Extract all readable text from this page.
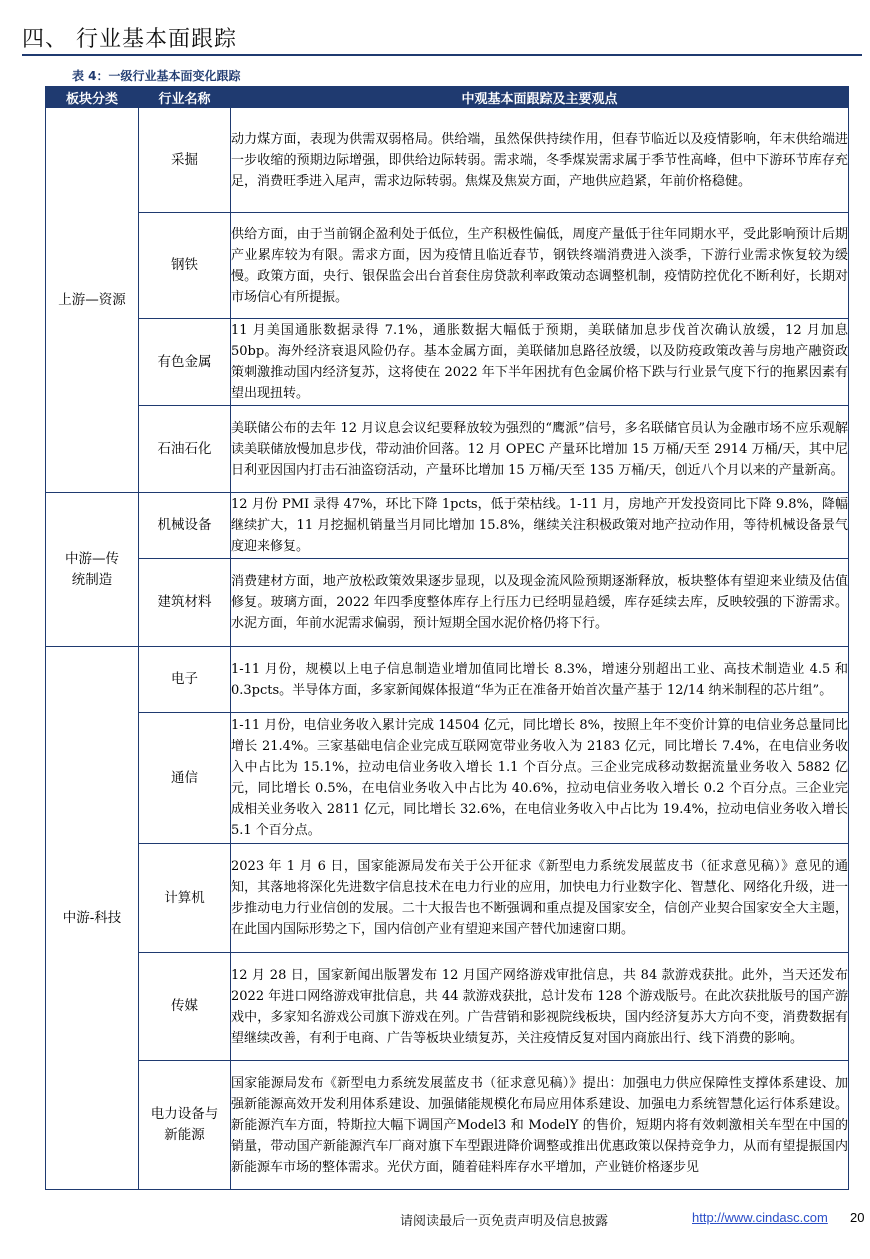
四、 行业基本面跟踪
表 4：一级行业基本面变化跟踪
板块分类	行业名称	中观基本面跟踪及主要观点
上游—资源	采掘	动力煤方面，表现为供需双弱格局。供给端，虽然保供持续作用，但春节临近以及疫情影响，年末供给端进一步收缩的预期边际增强，即供给边际转弱。需求端，冬季煤炭需求属于季节性高峰，但中下游环节库存充足，消费旺季进入尾声，需求边际转弱。焦煤及焦炭方面，产地供应趋紧，年前价格稳健。
	钢铁	供给方面，由于当前钢企盈利处于低位，生产积极性偏低，周度产量低于往年同期水平，受此影响预计后期产业累库较为有限。需求方面，因为疫情且临近春节，钢铁终端消费进入淡季，下游行业需求恢复较为缓慢。政策方面，央行、银保监会出台首套住房贷款利率政策动态调整机制，疫情防控优化不断利好，长期对市场信心有所提振。
	有色金属	11 月美国通胀数据录得 7.1%，通胀数据大幅低于预期，美联储加息步伐首次确认放缓，12 月加息 50bp。海外经济衰退风险仍存。基本金属方面，美联储加息路径放缓，以及防疫政策改善与房地产融资政策刺激推动国内经济复苏，这将使在 2022 年下半年困扰有色金属价格下跌与行业景气度下行的拖累因素有望出现扭转。
	石油石化	美联储公布的去年 12 月议息会议纪要释放较为强烈的“鹰派”信号，多名联储官员认为金融市场不应乐观解读美联储放慢加息步伐，带动油价回落。12 月 OPEC 产量环比增加 15 万桶/天至 2914 万桶/天，其中尼日利亚因国内打击石油盗窃活动，产量环比增加 15 万桶/天至 135 万桶/天，创近八个月以来的产量新高。
中游—传统制造	机械设备	12 月份 PMI 录得 47%，环比下降 1pcts，低于荣枯线。1-11 月，房地产开发投资同比下降 9.8%，降幅继续扩大，11 月挖掘机销量当月同比增加 15.8%，继续关注积极政策对地产拉动作用，等待机械设备景气度迎来修复。
	建筑材料	消费建材方面，地产放松政策效果逐步显现，以及现金流风险预期逐渐释放，板块整体有望迎来业绩及估值修复。玻璃方面，2022 年四季度整体库存上行压力已经明显趋缓，库存延续去库，反映较强的下游需求。水泥方面，年前水泥需求偏弱，预计短期全国水泥价格仍将下行。
中游-科技	电子	1-11 月份，规模以上电子信息制造业增加值同比增长 8.3%，增速分别超出工业、高技术制造业 4.5 和 0.3pcts。半导体方面，多家新闻媒体报道“华为正在准备开始首次量产基于 12/14 纳米制程的芯片组”。
	通信	1-11 月份，电信业务收入累计完成 14504 亿元，同比增长 8%，按照上年不变价计算的电信业务总量同比增长 21.4%。三家基础电信企业完成互联网宽带业务收入为 2183 亿元，同比增长 7.4%，在电信业务收入中占比为 15.1%，拉动电信业务收入增长 1.1 个百分点。三企业完成移动数据流量业务收入 5882 亿元，同比增长 0.5%，在电信业务收入中占比为 40.6%，拉动电信业务收入增长 0.2 个百分点。三企业完成相关业务收入 2811 亿元，同比增长 32.6%，在电信业务收入中占比为 19.4%，拉动电信业务收入增长 5.1 个百分点。
	计算机	2023 年 1 月 6 日，国家能源局发布关于公开征求《新型电力系统发展蓝皮书（征求意见稿）》意见的通知，其落地将深化先进数字信息技术在电力行业的应用，加快电力行业数字化、智慧化、网络化升级，进一步推动电力行业信创的发展。二十大报告也不断强调和重点提及国家安全，信创产业契合国家安全大主题，在此国内国际形势之下，国内信创产业有望迎来国产替代加速窗口期。
	传媒	12 月 28 日，国家新闻出版署发布 12 月国产网络游戏审批信息，共 84 款游戏获批。此外，当天还发布 2022 年进口网络游戏审批信息，共 44 款游戏获批，总计发布 128 个游戏版号。在此次获批版号的国产游戏中，多家知名游戏公司旗下游戏在列。广告营销和影视院线板块，国内经济复苏大方向不变，消费数据有望继续改善，有利于电商、广告等板块业绩复苏，关注疫情反复对国内商旅出行、线下消费的影响。
	电力设备与新能源	国家能源局发布《新型电力系统发展蓝皮书（征求意见稿）》提出：加强电力供应保障性支撑体系建设、加强新能源高效开发利用体系建设、加强储能规模化布局应用体系建设、加强电力系统智慧化运行体系建设。新能源汽车方面，特斯拉大幅下调国产Model3 和 ModelY 的售价，短期内将有效刺激相关车型在中国的销量，带动国产新能源汽车厂商对旗下车型跟进降价调整或推出优惠政策以保持竞争力，从而有望提振国内新能源车市场的整体需求。光伏方面，随着硅料库存水平增加，产业链价格逐步见
请阅读最后一页免责声明及信息披露	http://www.cindasc.com 20
